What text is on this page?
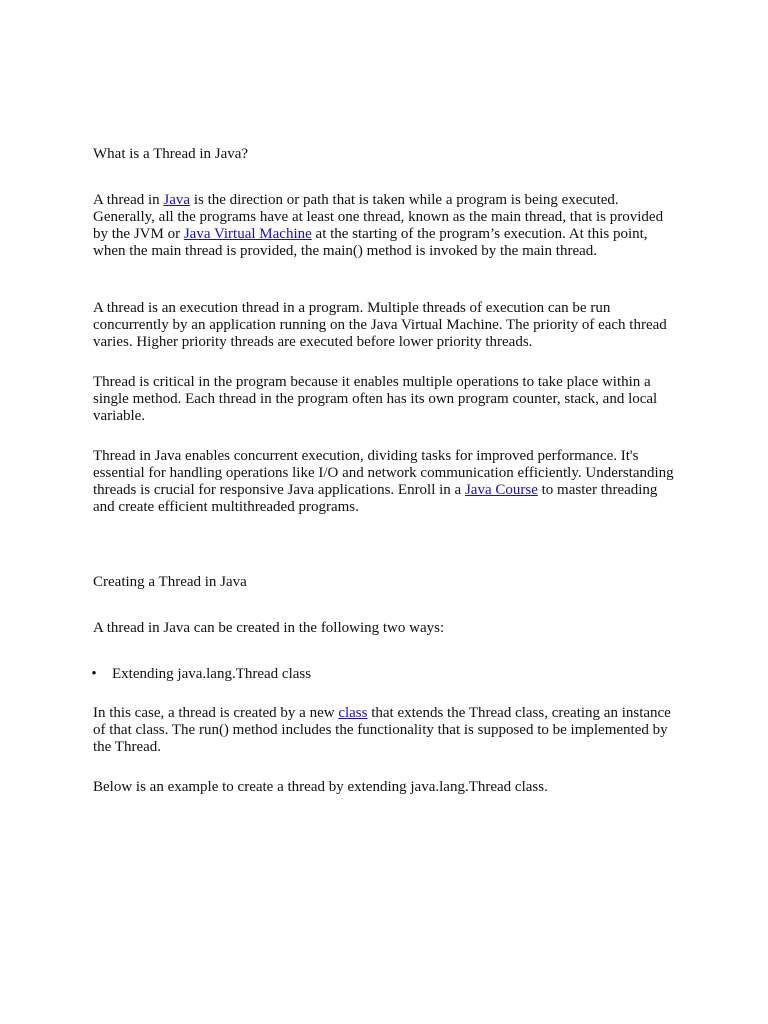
What is a Thread in Java?

A thread in Java is the direction or path that is taken while a program is being executed. Generally, all the programs have at least one thread, known as the main thread, that is provided by the JVM or Java Virtual Machine at the starting of the program’s execution. At this point, when the main thread is provided, the main() method is invoked by the main thread.

A thread is an execution thread in a program. Multiple threads of execution can be run concurrently by an application running on the Java Virtual Machine. The priority of each thread varies. Higher priority threads are executed before lower priority threads.

Thread is critical in the program because it enables multiple operations to take place within a single method. Each thread in the program often has its own program counter, stack, and local variable.

Thread in Java enables concurrent execution, dividing tasks for improved performance. It's essential for handling operations like I/O and network communication efficiently. Understanding threads is crucial for responsive Java applications. Enroll in a Java Course to master threading and create efficient multithreaded programs.

Creating a Thread in Java

A thread in Java can be created in the following two ways:

• Extending java.lang.Thread class

In this case, a thread is created by a new class that extends the Thread class, creating an instance of that class. The run() method includes the functionality that is supposed to be implemented by the Thread.

Below is an example to create a thread by extending java.lang.Thread class.
